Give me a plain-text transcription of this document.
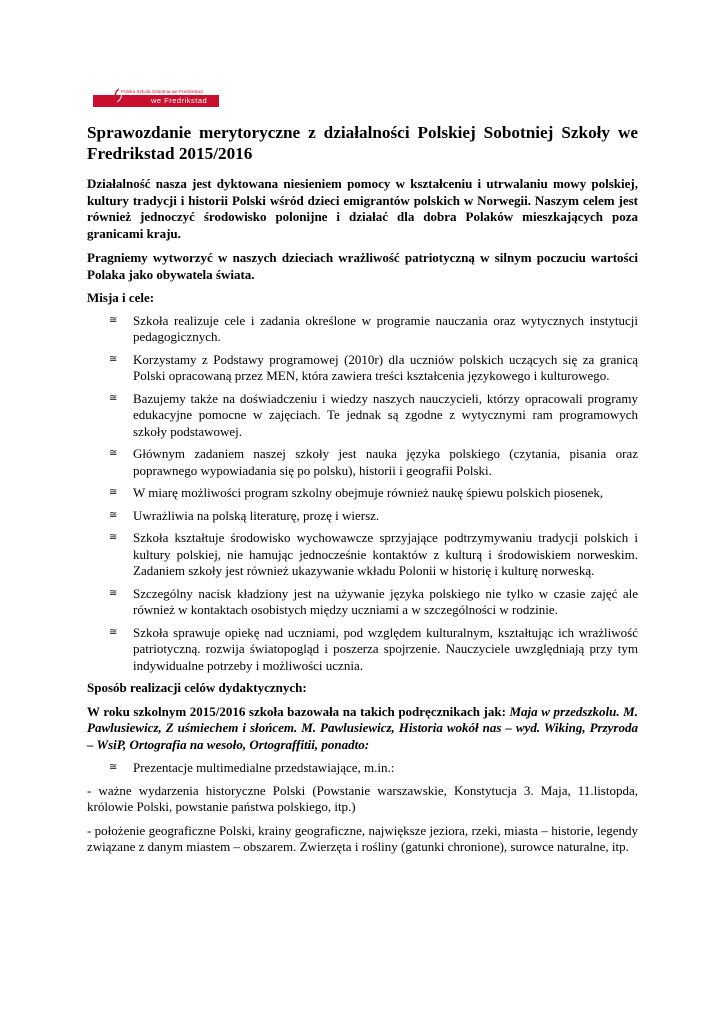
Polska Szkoła Sobotnia we Fredrikstad
we Fredrikstad
Sprawozdanie merytoryczne z działalności Polskiej Sobotniej Szkoły we Fredrikstad 2015/2016

Działalność nasza jest dyktowana niesieniem pomocy w kształceniu i utrwalaniu mowy polskiej, kultury tradycji i historii Polski wśród dzieci emigrantów polskich w Norwegii. Naszym celem jest również jednoczyć środowisko polonijne i działać dla dobra Polaków mieszkających poza granicami kraju.

Pragniemy wytworzyć w naszych dzieciach wrażliwość patriotyczną w silnym poczuciu wartości Polaka jako obywatela świata.

Misja i cele:

≅ Szkoła realizuje cele i zadania określone w programie nauczania oraz wytycznych instytucji pedagogicznych.
≅ Korzystamy z Podstawy programowej (2010r) dla uczniów polskich uczących się za granicą Polski opracowaną przez MEN, która zawiera treści kształcenia językowego i kulturowego.
≅ Bazujemy także na doświadczeniu i wiedzy naszych nauczycieli, którzy opracowali programy edukacyjne pomocne w zajęciach. Te jednak są zgodne z wytycznymi ram programowych szkoły podstawowej.
≅ Głównym zadaniem naszej szkoły jest nauka języka polskiego (czytania, pisania oraz poprawnego wypowiadania się po polsku), historii i geografii Polski.
≅ W miarę możliwości program szkolny obejmuje również naukę śpiewu polskich piosenek,
≅ Uwrażliwia na polską literaturę, prozę i wiersz.
≅ Szkoła kształtuje środowisko wychowawcze sprzyjające podtrzymywaniu tradycji polskich i kultury polskiej, nie hamując jednocześnie kontaktów z kulturą i środowiskiem norweskim. Zadaniem szkoły jest również ukazywanie wkładu Polonii w historię i kulturę norweską.
≅ Szczególny nacisk kładziony jest na używanie języka polskiego nie tylko w czasie zajęć ale również w kontaktach osobistych między uczniami a w szczególności w rodzinie.
≅ Szkoła sprawuje opiekę nad uczniami, pod względem kulturalnym, kształtując ich wrażliwość patriotyczną. rozwija światopogląd i poszerza spojrzenie. Nauczyciele uwzględniają przy tym indywidualne potrzeby i możliwości ucznia.

Sposób realizacji celów dydaktycznych:

W roku szkolnym 2015/2016 szkoła bazowała na takich podręcznikach jak: Maja w przedszkolu. M. Pawlusiewicz, Z uśmiechem i słońcem. M. Pawlusiewicz, Historia wokół nas – wyd. Wiking, Przyroda – WsiP, Ortografia na wesoło, Ortograffitii, ponadto:

≅ Prezentacje multimedialne przedstawiające, m.in.:

- ważne wydarzenia historyczne Polski (Powstanie warszawskie, Konstytucja 3. Maja, 11.listopda, królowie Polski, powstanie państwa polskiego, itp.)

- położenie geograficzne Polski, krainy geograficzne, największe jeziora, rzeki, miasta – historie, legendy związane z danym miastem – obszarem. Zwierzęta i rośliny (gatunki chronione), surowce naturalne, itp.
